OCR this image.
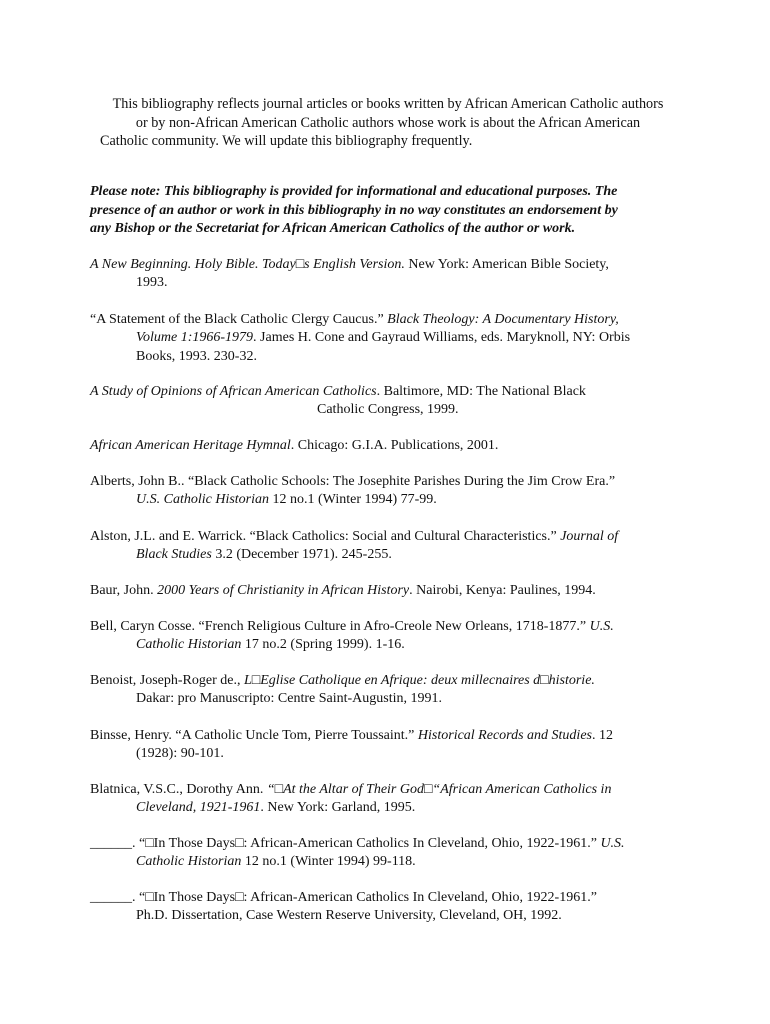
This bibliography reflects journal articles or books written by African American Catholic authors
or by non-African American Catholic authors whose work is about the African American
Catholic community. We will update this bibliography frequently.
Please note: This bibliography is provided for informational and educational purposes. The
presence of an author or work in this bibliography in no way constitutes an endorsement by
any Bishop or the Secretariat for African American Catholics of the author or work.
A New Beginning. Holy Bible. Today□s English Version. New York: American Bible Society,
1993.
“A Statement of the Black Catholic Clergy Caucus.” Black Theology: A Documentary History,
Volume 1:1966-1979. James H. Cone and Gayraud Williams, eds. Maryknoll, NY: Orbis
Books, 1993. 230-32.
A Study of Opinions of African American Catholics. Baltimore, MD: The National Black
Catholic Congress, 1999.
African American Heritage Hymnal. Chicago: G.I.A. Publications, 2001.
Alberts, John B.. “Black Catholic Schools: The Josephite Parishes During the Jim Crow Era.”
U.S. Catholic Historian 12 no.1 (Winter 1994) 77-99.
Alston, J.L. and E. Warrick. “Black Catholics: Social and Cultural Characteristics.” Journal of
Black Studies 3.2 (December 1971). 245-255.
Baur, John. 2000 Years of Christianity in African History. Nairobi, Kenya: Paulines, 1994.
Bell, Caryn Cosse. “French Religious Culture in Afro-Creole New Orleans, 1718-1877.” U.S.
Catholic Historian 17 no.2 (Spring 1999). 1-16.
Benoist, Joseph-Roger de., L□Eglise Catholique en Afrique: deux millecnaires d□historie.
Dakar: pro Manuscripto: Centre Saint-Augustin, 1991.
Binsse, Henry. “A Catholic Uncle Tom, Pierre Toussaint.” Historical Records and Studies. 12
(1928): 90-101.
Blatnica, V.S.C., Dorothy Ann. “□At the Altar of Their God□“African American Catholics in
Cleveland, 1921-1961. New York: Garland, 1995.
______. “□In Those Days□: African-American Catholics In Cleveland, Ohio, 1922-1961.” U.S.
Catholic Historian 12 no.1 (Winter 1994) 99-118.
______. “□In Those Days□: African-American Catholics In Cleveland, Ohio, 1922-1961.”
Ph.D. Dissertation, Case Western Reserve University, Cleveland, OH, 1992.
